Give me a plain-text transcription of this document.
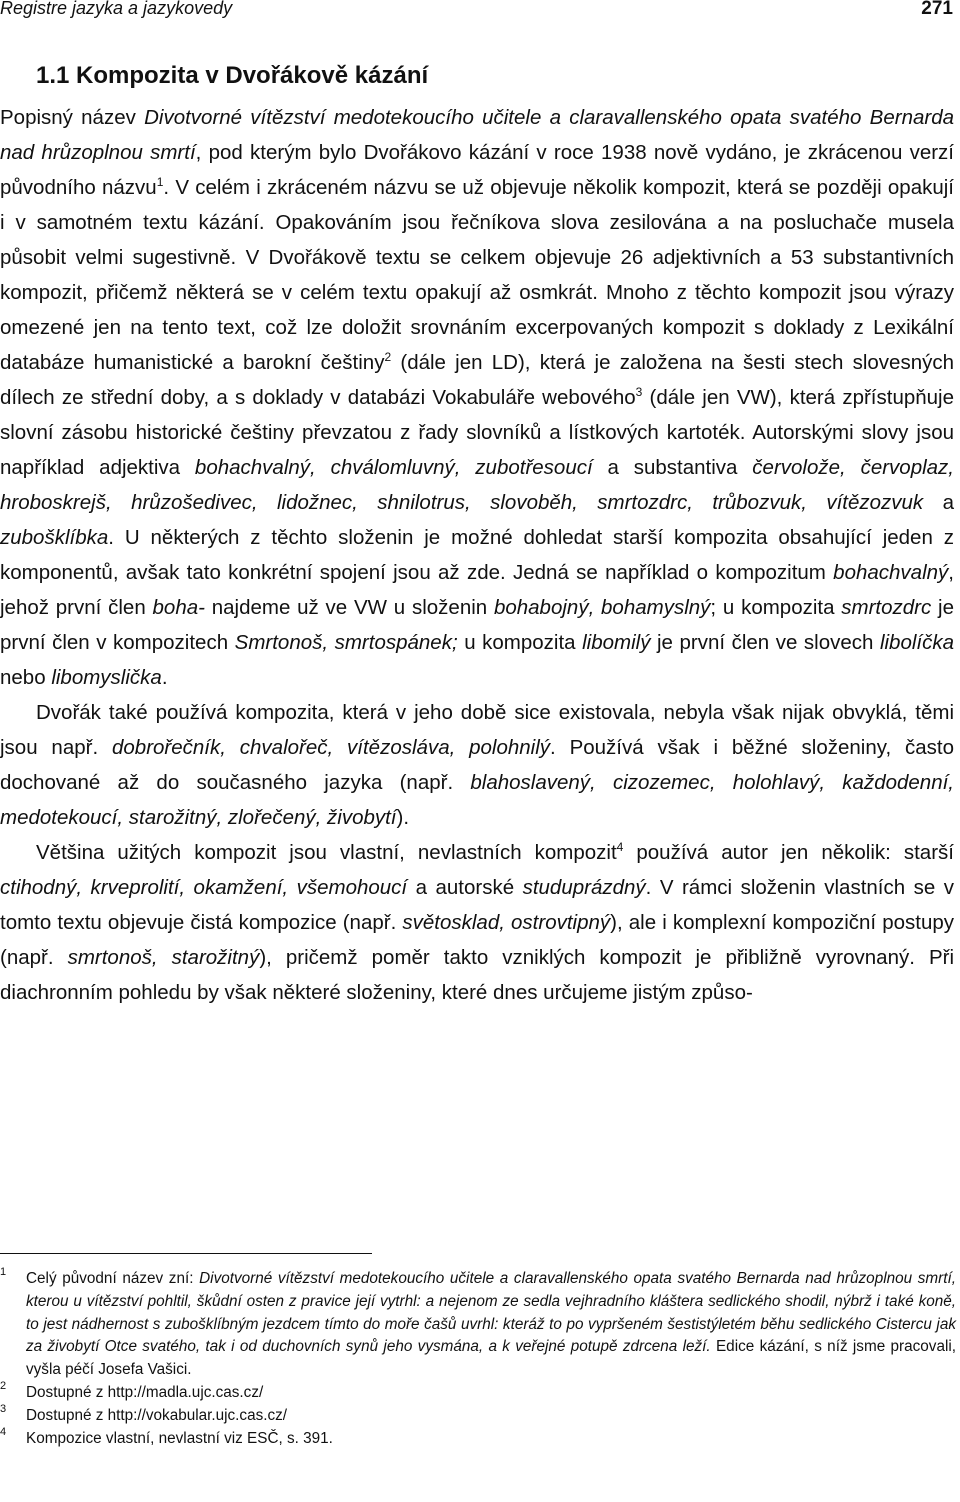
Registre jazyka a jazykovedy	271
1.1 Kompozita v Dvořákově kázání

Popisný název Divotvorné vítězství medotekoucího učitele a claravallenského opata svatého Bernarda nad hrůzoplnou smrtí, pod kterým bylo Dvořákovo kázání v roce 1938 nově vydáno, je zkrácenou verzí původního názvu$^1$. V celém i zkráceném názvu se už objevuje několik kompozit, která se později opakují i v samotném textu kázání. Opakováním jsou řečníkova slova zesilována a na posluchače musela působit velmi sugestivně. V Dvořákově textu se celkem objevuje 26 adjektivních a 53 substantivních kompozit, přičemž některá se v celém textu opakují až osmkrát. Mnoho z těchto kompozit jsou výrazy omezené jen na tento text, což lze doložit srovnáním excerpovaných kompozit s doklady z Lexikální databáze humanistické a barokní češtiny$^2$ (dále jen LD), která je založena na šesti stech slovesných dílech ze střední doby, a s doklady v databázi Vokabuláře webového$^3$ (dále jen VW), která zpřístupňuje slovní zásobu historické češtiny převzatou z řady slovníků a lístkových kartoték. Autorskými slovy jsou například adjektiva bohachvalný, chválomluvný, zubotřesoucí a substantiva červolože, červoplaz, hroboskrejš, hrůzošedivec, lidožnec, shnilotrus, slovoběh, smrtozdrc, trůbozvuk, vítězozvuk a zubošklíbka. U některých z těchto složenin je možné dohledat starší kompozita obsahující jeden z komponentů, avšak tato konkrétní spojení jsou až zde. Jedná se například o kompozitum bohachvalný, jehož první člen boha- najdeme už ve VW u složenin bohabojný, bohamyslný; u kompozita smrtozdrc je první člen v kompozitech Smrtonoš, smrtospánek; u kompozita libomilý je první člen ve slovech libolíčka nebo libomyslička.

Dvořák také používá kompozita, která v jeho době sice existovala, nebyla však nijak obvyklá, těmi jsou např. dobrořečník, chvalořeč, vítězosláva, polohnilý. Používá však i běžné složeniny, často dochované až do současného jazyka (např. blahoslavený, cizozemec, holohlavý, každodenní, medotekoucí, starožitný, zlořečený, živobytí).

Většina užitých kompozit jsou vlastní, nevlastních kompozit$^4$ používá autor jen několik: starší ctihodný, krveprolití, okamžení, všemohoucí a autorské studuprázdný. V rámci složenin vlastních se v tomto textu objevuje čistá kompozice (např. světosklad, ostrovtipný), ale i komplexní kompoziční postupy (např. smrtonoš, starožitný), pričemž poměr takto vzniklých kompozit je přibližně vyrovnaný. Při diachronním pohledu by však některé složeniny, které dnes určujeme jistým způso-

1 Celý původní název zní: Divotvorné vítězství medotekoucího učitele a claravallenského opata svatého Bernarda nad hrůzoplnou smrtí, kterou u vítězství pohltil, škůdní osten z pravice její vytrhl: a nejenom ze sedla vejhradního kláštera sedlického shodil, nýbrž i také koně, to jest nádhernost s zubošklíbným jezdcem tímto do moře čašů uvrhl: kteráž to po vypršeném šestistýletém běhu sedlického Cistercu jak za živobytí Otce svatého, tak i od duchovních synů jeho vysmána, a k veřejné potupě zdrcena leží. Edice kázání, s níž jsme pracovali, vyšla péčí Josefa Vašici.
2 Dostupné z http://madla.ujc.cas.cz/
3 Dostupné z http://vokabular.ujc.cas.cz/
4 Kompozice vlastní, nevlastní viz ESČ, s. 391.
